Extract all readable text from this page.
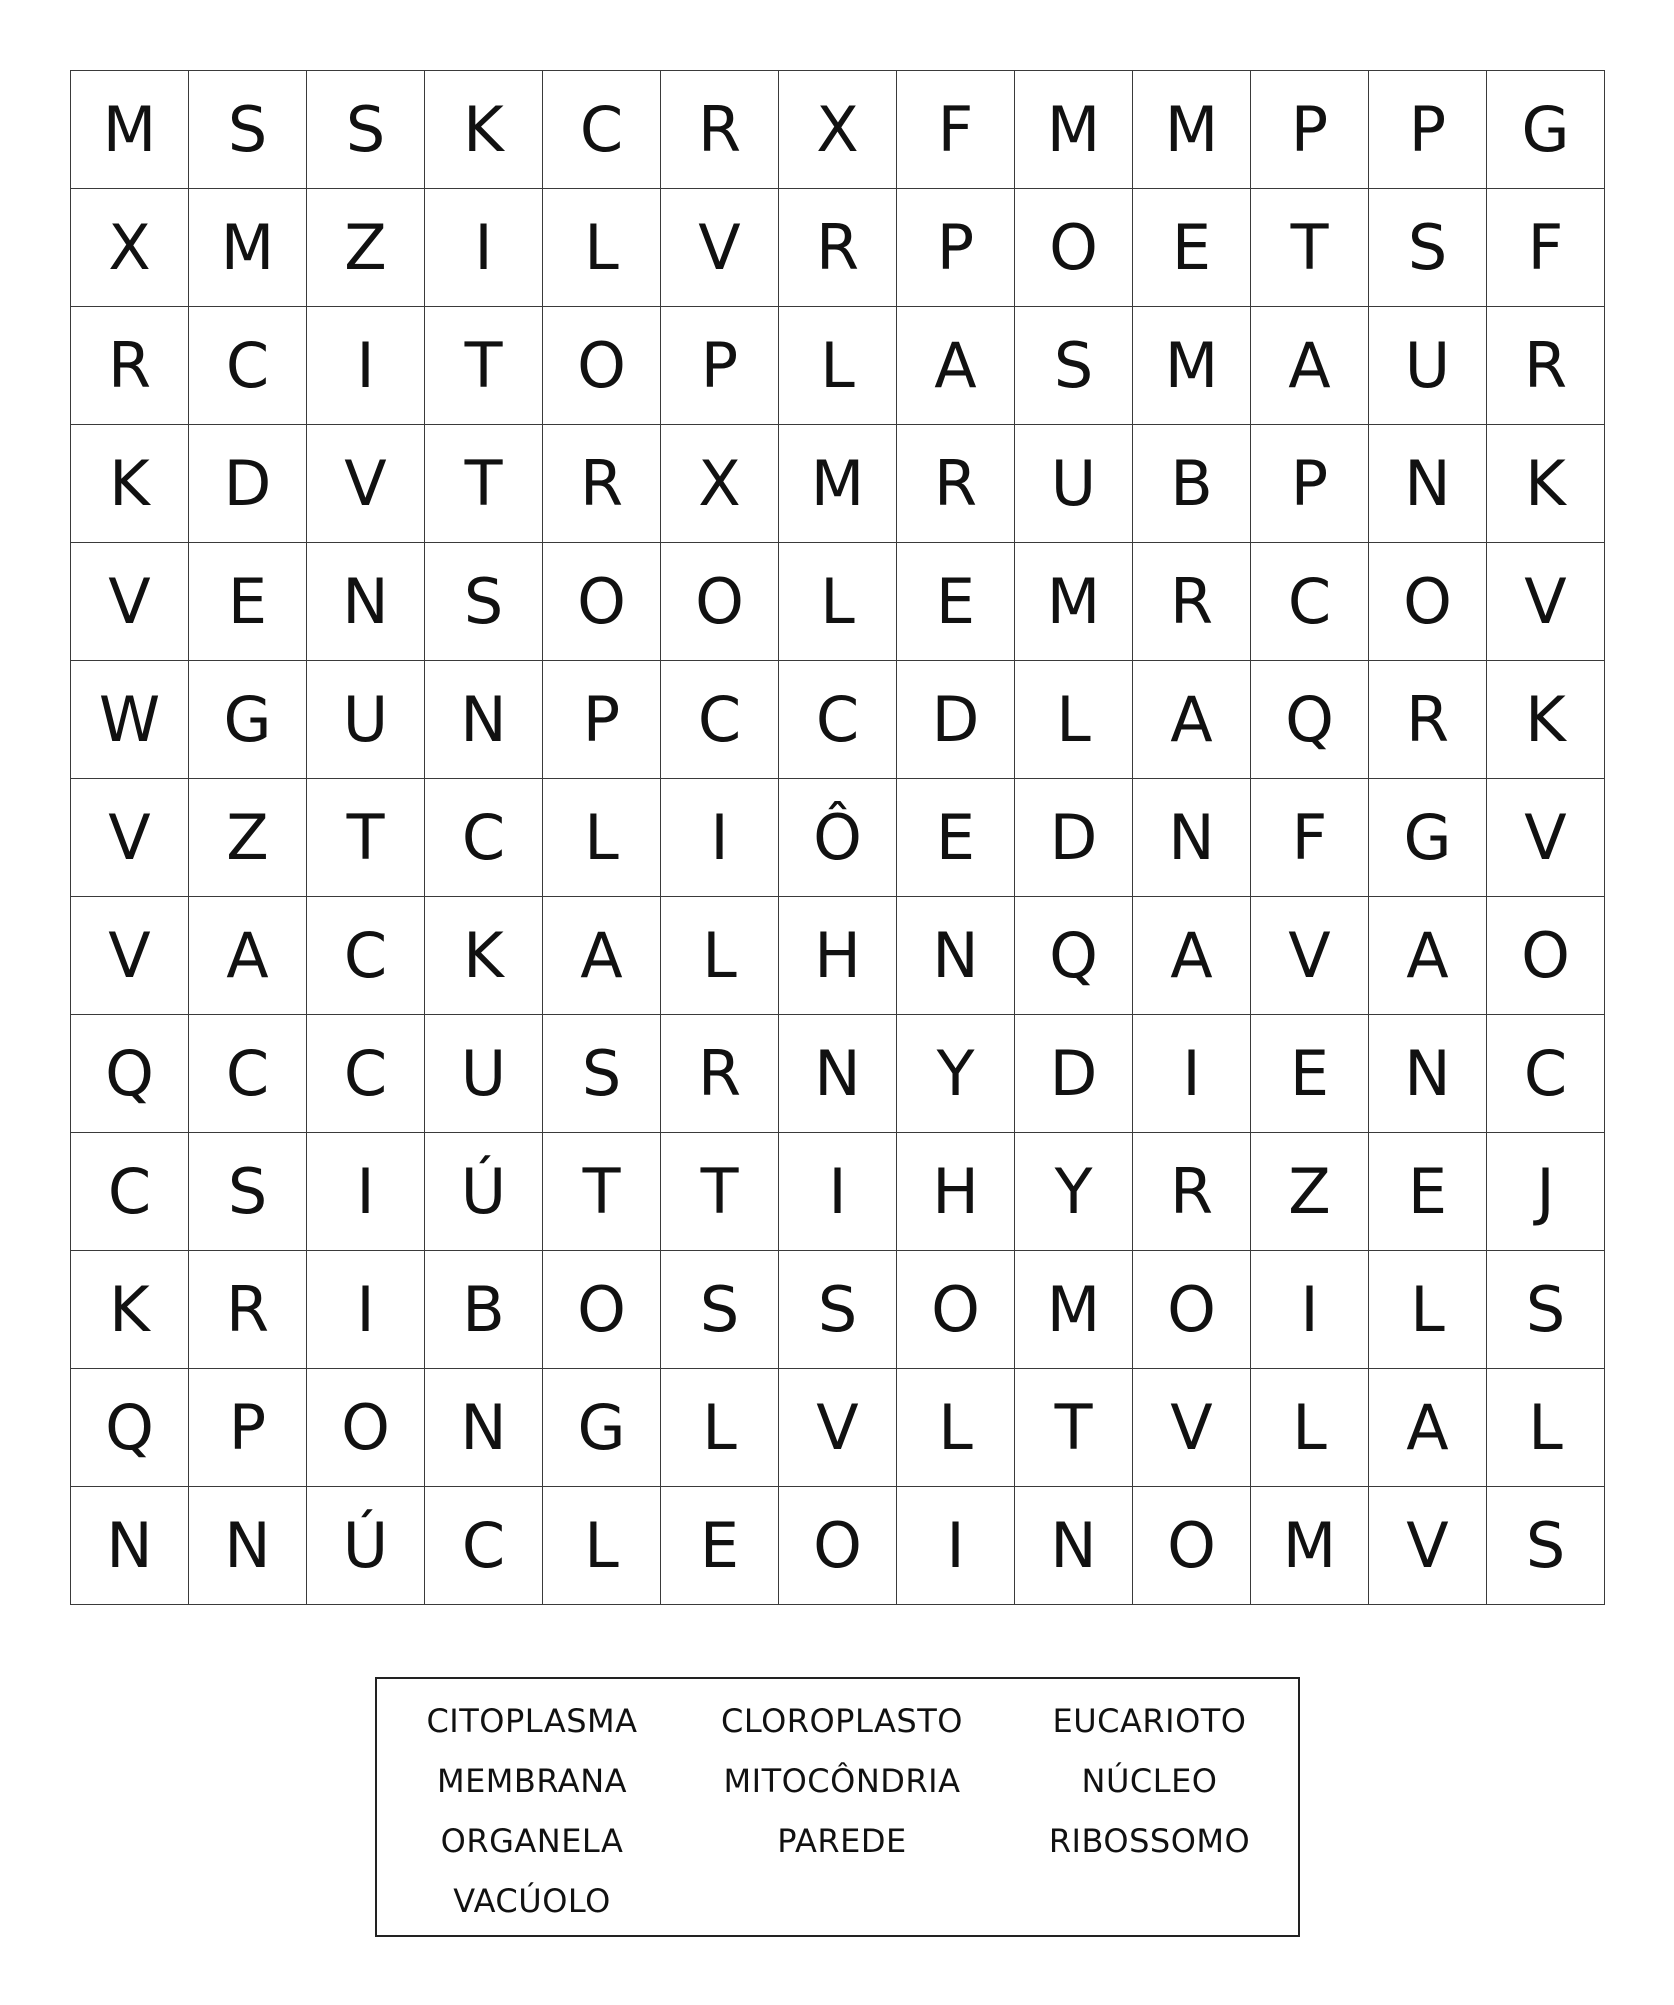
M	S	S	K	C	R	X	F	M	M	P	P	G
X	M	Z	I	L	V	R	P	O	E	T	S	F
R	C	I	T	O	P	L	A	S	M	A	U	R
K	D	V	T	R	X	M	R	U	B	P	N	K
V	E	N	S	O	O	L	E	M	R	C	O	V
W	G	U	N	P	C	C	D	L	A	Q	R	K
V	Z	T	C	L	I	Ô	E	D	N	F	G	V
V	A	C	K	A	L	H	N	Q	A	V	A	O
Q	C	C	U	S	R	N	Y	D	I	E	N	C
C	S	I	Ú	T	T	I	H	Y	R	Z	E	J
K	R	I	B	O	S	S	O	M	O	I	L	S
Q	P	O	N	G	L	V	L	T	V	L	A	L
N	N	Ú	C	L	E	O	I	N	O	M	V	S
CITOPLASMA	CLOROPLASTO	EUCARIOTO
MEMBRANA	MITOCÔNDRIA	NÚCLEO
ORGANELA	PAREDE	RIBOSSOMO
VACÚOLO
